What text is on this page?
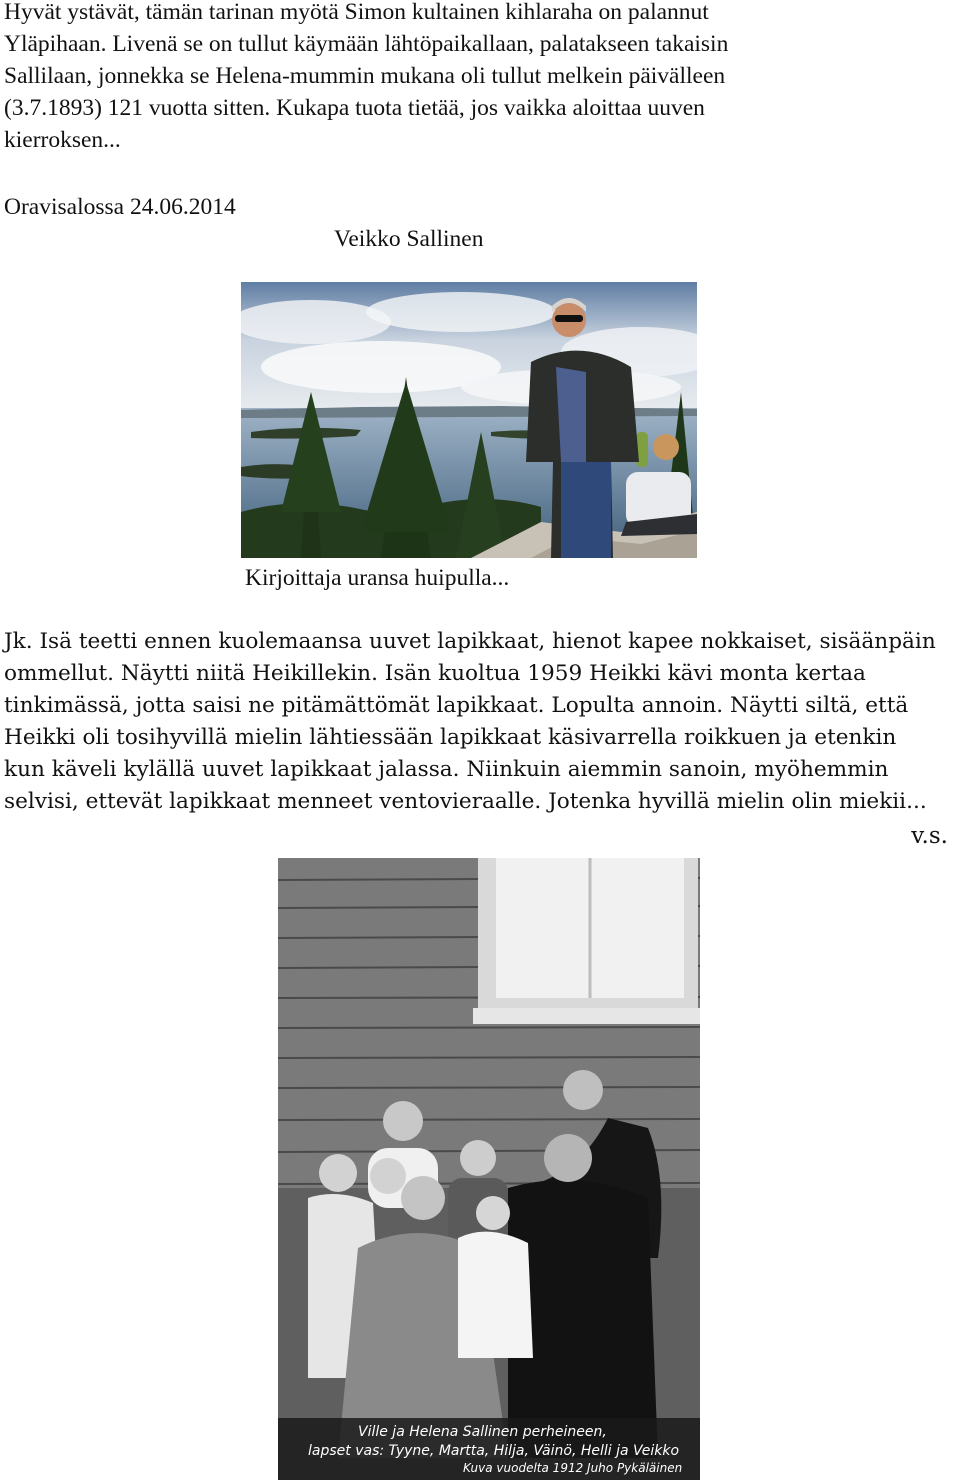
Hyvät ystävät, tämän tarinan myötä Simon kultainen kihlaraha on palannut
Yläpihaan. Livenä se on tullut käymään lähtöpaikallaan, palatakseen takaisin
Sallilaan, jonnekka se Helena-mummin mukana oli tullut melkein päivälleen
(3.7.1893) 121 vuotta sitten. Kukapa tuota tietää, jos vaikka aloittaa uuven
kierroksen...
Oravisalossa 24.06.2014
Veikko Sallinen
Kirjoittaja uransa huipulla...
Jk. Isä teetti ennen kuolemaansa uuvet lapikkaat, hienot kapee nokkaiset, sisäänpäin
ommellut. Näytti niitä Heikillekin. Isän kuoltua 1959 Heikki kävi monta kertaa
tinkimässä, jotta saisi ne pitämättömät lapikkaat. Lopulta annoin. Näytti siltä, että
Heikki oli tosihyvillä mielin lähtiessään lapikkaat käsivarrella roikkuen ja etenkin
kun käveli kylällä uuvet lapikkaat jalassa. Niinkuin aiemmin sanoin, myöhemmin
selvisi, ettevät lapikkaat menneet ventovieraalle. Jotenka hyvillä mielin olin miekii...
v.s.
Ville ja Helena Sallinen perheineen,
lapset vas: Tyyne, Martta, Hilja, Väinö, Helli ja Veikko
Kuva vuodelta 1912 Juho Pykäläinen
